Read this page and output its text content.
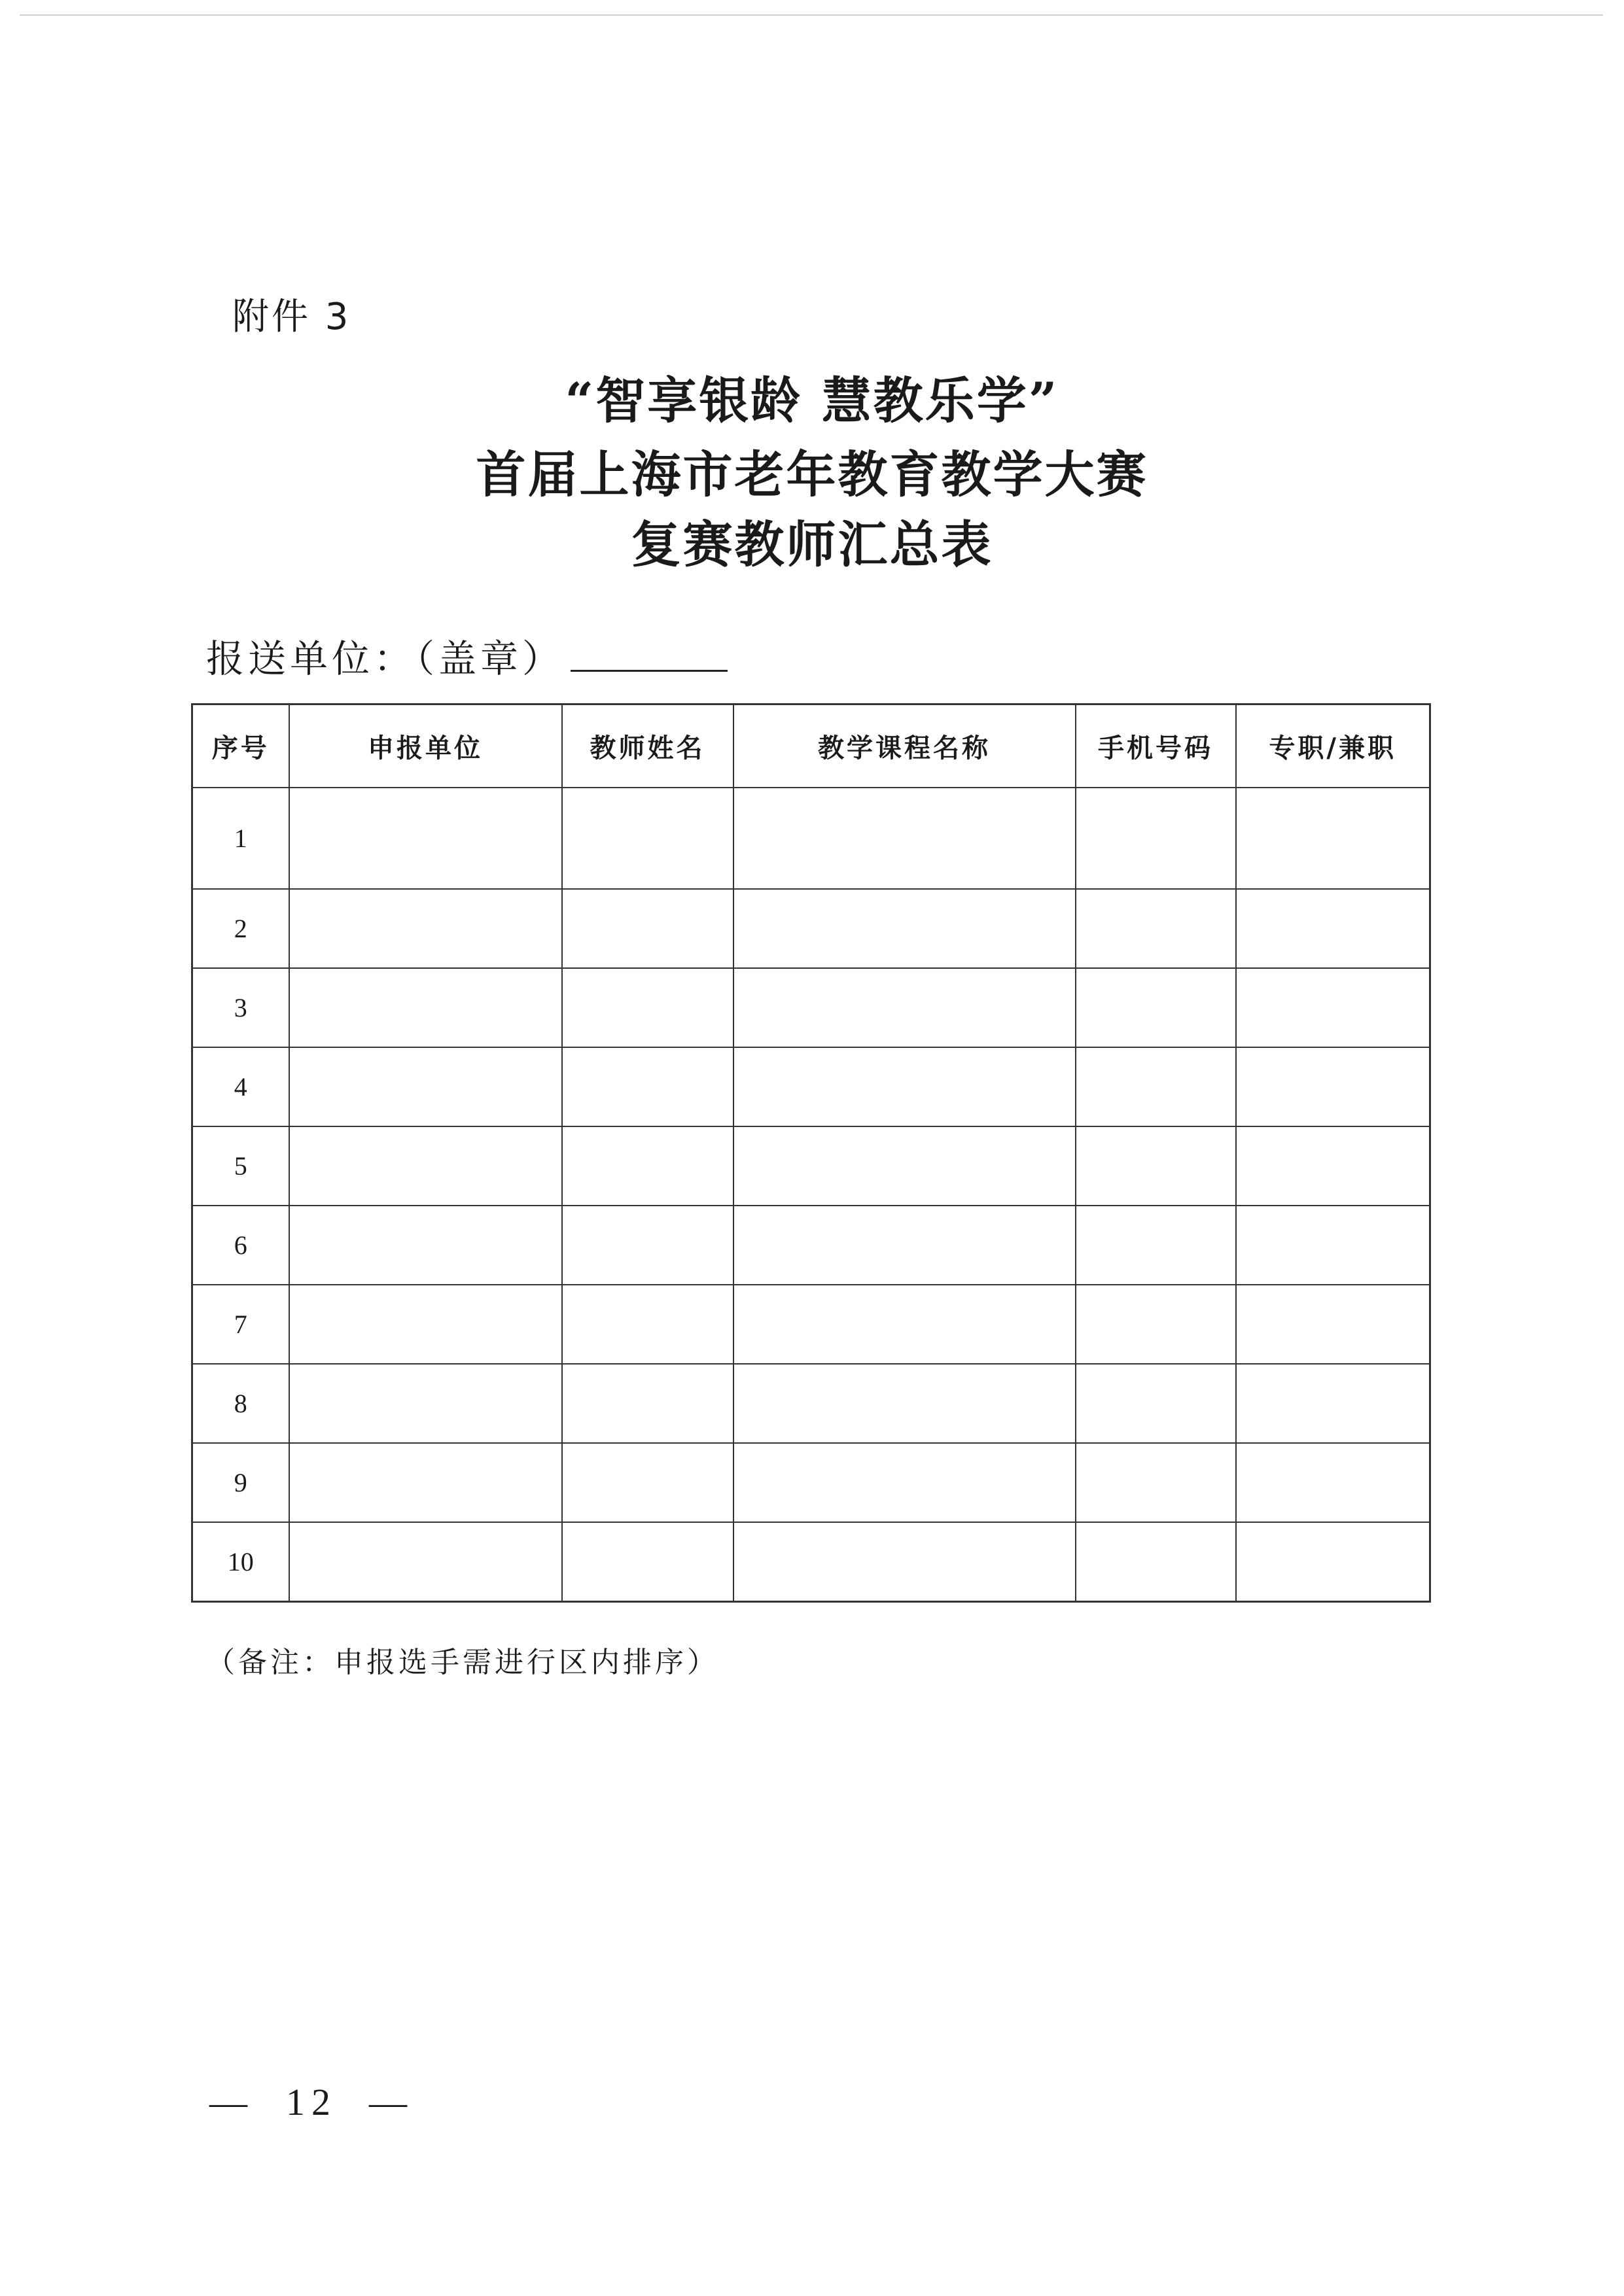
附件 3
“智享银龄 慧教乐学”
首届上海市老年教育教学大赛
复赛教师汇总表
报送单位：（盖章）
序号	申报单位	教师姓名	教学课程名称	手机号码	专职/兼职
1					
2					
3					
4					
5					
6					
7					
8					
9					
10					
（备注：申报选手需进行区内排序）
—  12  —
